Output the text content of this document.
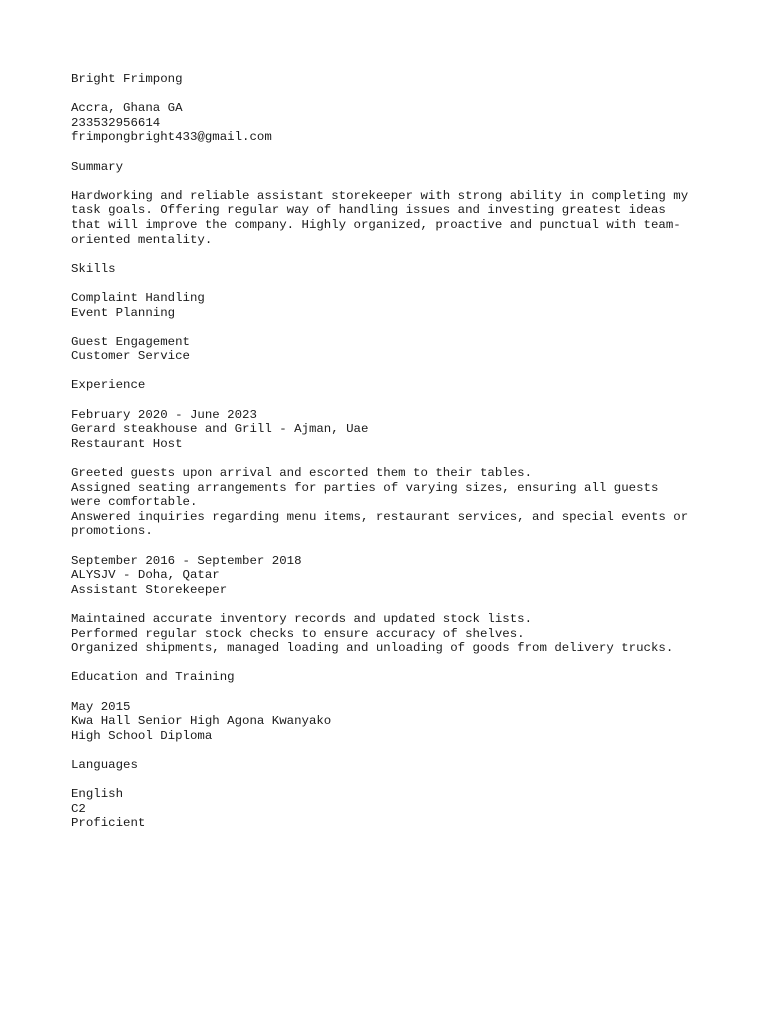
Bright Frimpong
Accra, Ghana GA
233532956614
frimpongbright433@gmail.com
Summary
Hardworking and reliable assistant storekeeper with strong ability in completing my
task goals. Offering regular way of handling issues and investing greatest ideas
that will improve the company. Highly organized, proactive and punctual with team-
oriented mentality.
Skills
Complaint Handling
Event Planning
Guest Engagement
Customer Service
Experience
February 2020 - June 2023
Gerard steakhouse and Grill - Ajman, Uae
Restaurant Host
Greeted guests upon arrival and escorted them to their tables.
Assigned seating arrangements for parties of varying sizes, ensuring all guests
were comfortable.
Answered inquiries regarding menu items, restaurant services, and special events or
promotions.
September 2016 - September 2018
ALYSJV - Doha, Qatar
Assistant Storekeeper
Maintained accurate inventory records and updated stock lists.
Performed regular stock checks to ensure accuracy of shelves.
Organized shipments, managed loading and unloading of goods from delivery trucks.
Education and Training
May 2015
Kwa Hall Senior High Agona Kwanyako
High School Diploma
Languages
English
C2
Proficient
